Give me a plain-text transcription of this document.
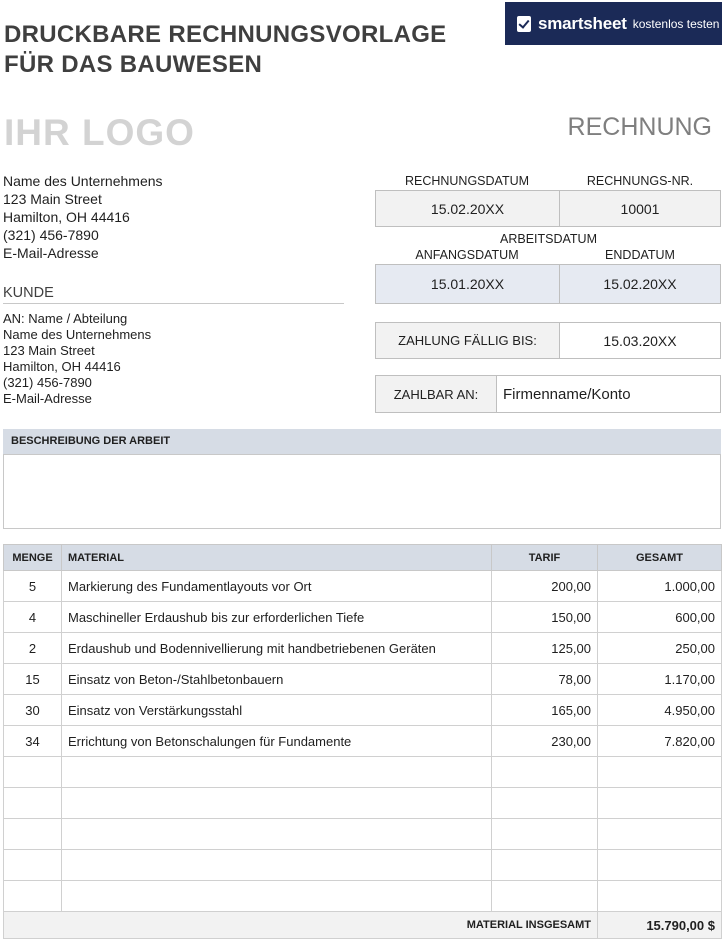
DRUCKBARE RECHNUNGSVORLAGE
FÜR DAS BAUWESEN
smartsheet kostenlos testen
IHR LOGO	RECHNUNG
Name des Unternehmens
123 Main Street
Hamilton, OH 44416
(321) 456-7890
E-Mail-Adresse
KUNDE
AN: Name / Abteilung
Name des Unternehmens
123 Main Street
Hamilton, OH 44416
(321) 456-7890
E-Mail-Adresse
RECHNUNGSDATUM	RECHNUNGS-NR.
15.02.20XX	10001
ARBEITSDATUM
ANFANGSDATUM	ENDDATUM
15.01.20XX	15.02.20XX
ZAHLUNG FÄLLIG BIS:	15.03.20XX
ZAHLBAR AN:	Firmenname/Konto
BESCHREIBUNG DER ARBEIT
MENGE	MATERIAL	TARIF	GESAMT
5	Markierung des Fundamentlayouts vor Ort	200,00	1.000,00
4	Maschineller Erdaushub bis zur erforderlichen Tiefe	150,00	600,00
2	Erdaushub und Bodennivellierung mit handbetriebenen Geräten	125,00	250,00
15	Einsatz von Beton-/Stahlbetonbauern	78,00	1.170,00
30	Einsatz von Verstärkungsstahl	165,00	4.950,00
34	Errichtung von Betonschalungen für Fundamente	230,00	7.820,00

MATERIAL INSGESAMT			15.790,00 $
